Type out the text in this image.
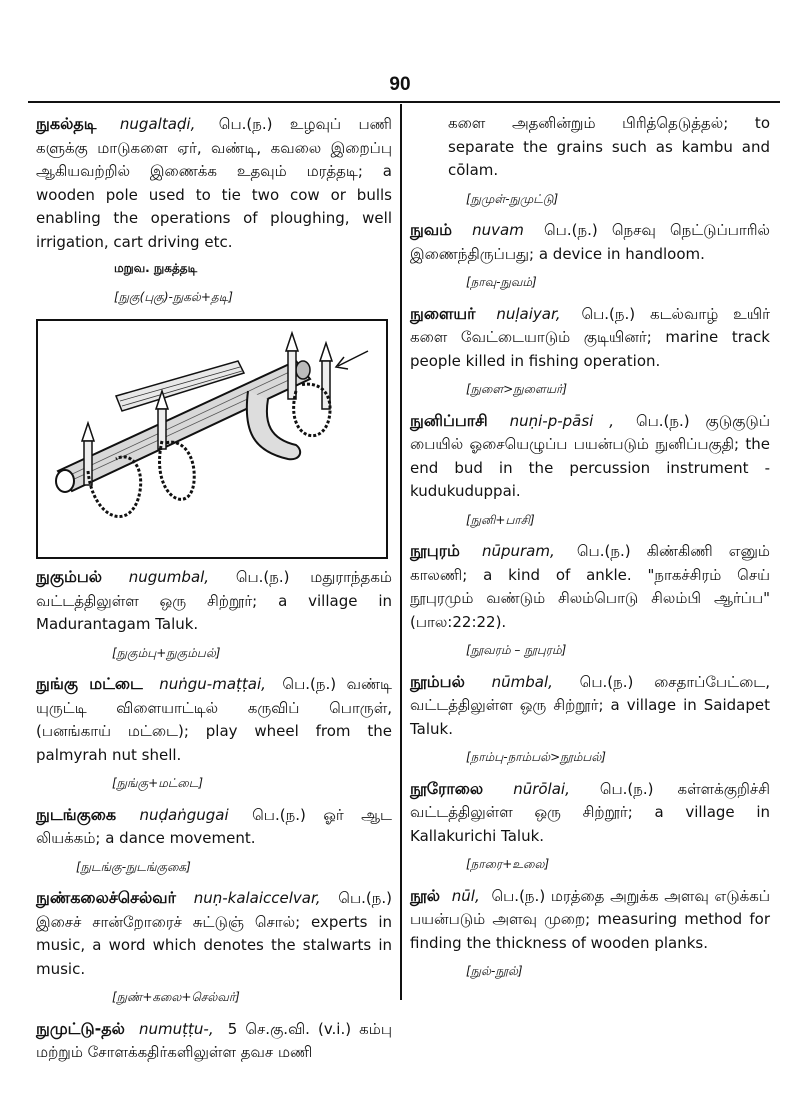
90

நுகல்தடி nugaltaḍi, பெ.(ந.) உழவுப் பணி களுக்கு மாடுகளை ஏர், வண்டி, கவலை இறைப்பு ஆகியவற்றில் இணைக்க உதவும் மரத்தடி; a wooden pole used to tie two cow or bulls enabling the operations of ploughing, well irrigation, cart driving etc.

மறுவ. நுகத்தடி
[நுகு(புகு)-நுகல்+தடி]

நுகும்பல் nugumbal, பெ.(ந.) மதுராந்தகம் வட்டத்திலுள்ள ஒரு சிற்றூர்; a village in Madurantagam Taluk.

[நுகும்பு+நுகும்பல்]

நுங்கு மட்டை nuṅgu-maṭṭai, பெ.(ந.) வண்டி யுருட்டி விளையாட்டில் கருவிப் பொருள், (பனங்காய் மட்டை); play wheel from the palmyrah nut shell.

[நுங்கு+மட்டை]

நுடங்குகை nuḍaṅgugai பெ.(ந.) ஓர் ஆட லியக்கம்; a dance movement.

[நுடங்கு-நுடங்குகை]

நுண்கலைச்செல்வர் nuṇ-kalaiccelvar, பெ.(ந.) இசைச் சான்றோரைச் சுட்டுஞ் சொல்; experts in music, a word which denotes the stalwarts in music.

[நுண்+கலை+செல்வர்]

நுமுட்டு-தல் numuṭṭu-, 5 செ.கு.வி. (v.i.) கம்பு மற்றும் சோளக்கதிர்களிலுள்ள தவச மணி

களை அதனின்றும் பிரித்தெடுத்தல்; to separate the grains such as kambu and cōlam.

[நுமுள்-நுமுட்டு]

நுவம் nuvam பெ.(ந.) நெசவு நெட்டுப்பாரில் இணைந்திருப்பது; a device in handloom.

[நாவு-நுவம்]

நுளையர் nuḷaiyar, பெ.(ந.) கடல்வாழ் உயிர் களை வேட்டையாடும் குடியினர்; marine track people killed in fishing operation.

[நுளை>நுளையர்]

நுனிப்பாசி nuṇi-p-pāsi , பெ.(ந.) குடுகுடுப் பையில் ஓசையெழுப்ப பயன்படும் நுனிப்பகுதி; the end bud in the percussion instrument - kudukuduppai.

[நுனி+பாசி]

நூபுரம் nūpuram, பெ.(ந.) கிண்கிணி எனும் காலணி; a kind of ankle. "நாகச்சிரம் செய் நூபுரமும் வண்டும் சிலம்பொடு சிலம்பி ஆர்ப்ப" (பால:22:22).

[நூவரம் – நூபுரம்]

நூம்பல் nūmbal, பெ.(ந.) சைதாப்பேட்டை, வட்டத்திலுள்ள ஒரு சிற்றூர்; a village in Saidapet Taluk.

[நாம்பு-நாம்பல்>நூம்பல்]

நூரோலை nūrōlai, பெ.(ந.) கள்ளக்குறிச்சி வட்டத்திலுள்ள ஒரு சிற்றூர்; a village in Kallakurichi Taluk.

[நாரை+உலை]

நூல் nūl, பெ.(ந.) மரத்தை அறுக்க அளவு எடுக்கப் பயன்படும் அளவு முறை; measuring method for finding the thickness of wooden planks.

[நுல்-நூல்]
